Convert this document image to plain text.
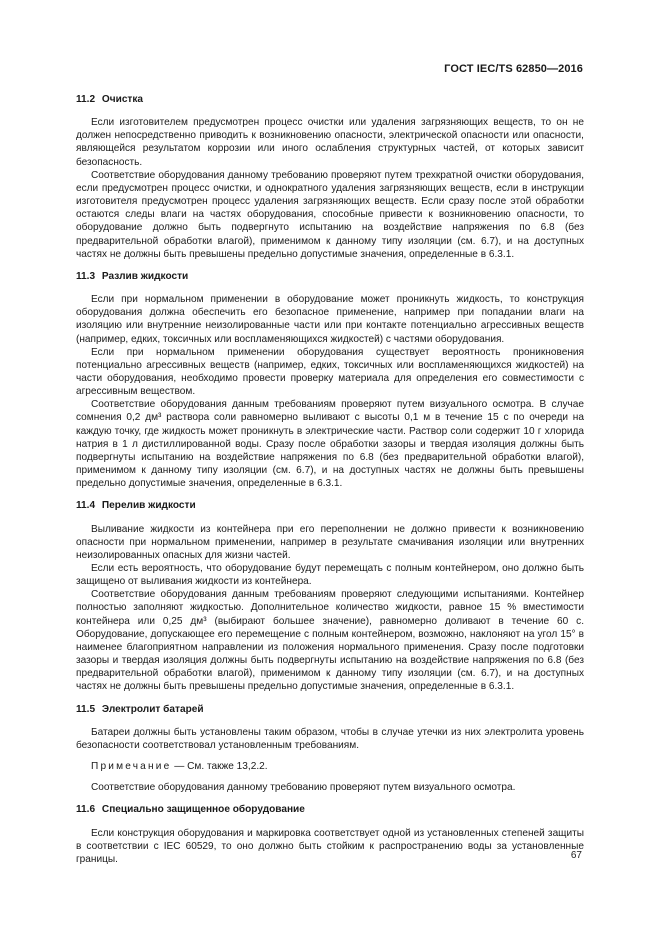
ГОСТ IEC/TS 62850—2016
11.2 Очистка

Если изготовителем предусмотрен процесс очистки или удаления загрязняющих веществ, то он не должен непосредственно приводить к возникновению опасности, электрической опасности или опасности, являющейся результатом коррозии или иного ослабления структурных частей, от которых зависит безопасность.

Соответствие оборудования данному требованию проверяют путем трехкратной очистки оборудования, если предусмотрен процесс очистки, и однократного удаления загрязняющих веществ, если в инструкции изготовителя предусмотрен процесс удаления загрязняющих веществ. Если сразу после этой обработки остаются следы влаги на частях оборудования, способные привести к возникновению опасности, то оборудование должно быть подвергнуто испытанию на воздействие напряжения по 6.8 (без предварительной обработки влагой), применимом к данному типу изоляции (см. 6.7), и на доступных частях не должны быть превышены предельно допустимые значения, определенные в 6.3.1.

11.3 Разлив жидкости

Если при нормальном применении в оборудование может проникнуть жидкость, то конструкция оборудования должна обеспечить его безопасное применение, например при попадании влаги на изоляцию или внутренние неизолированные части или при контакте потенциально агрессивных веществ (например, едких, токсичных или воспламеняющихся жидкостей) с частями оборудования.

Если при нормальном применении оборудования существует вероятность проникновения потенциально агрессивных веществ (например, едких, токсичных или воспламеняющихся жидкостей) на части оборудования, необходимо провести проверку материала для определения его совместимости с агрессивным веществом.

Соответствие оборудования данным требованиям проверяют путем визуального осмотра. В случае сомнения 0,2 дм³ раствора соли равномерно выливают с высоты 0,1 м в течение 15 с по очереди на каждую точку, где жидкость может проникнуть в электрические части. Раствор соли содержит 10 г хлорида натрия в 1 л дистиллированной воды. Сразу после обработки зазоры и твердая изоляция должны быть подвергнуты испытанию на воздействие напряжения по 6.8 (без предварительной обработки влагой), применимом к данному типу изоляции (см. 6.7), и на доступных частях не должны быть превышены предельно допустимые значения, определенные в 6.3.1.

11.4 Перелив жидкости

Выливание жидкости из контейнера при его переполнении не должно привести к возникновению опасности при нормальном применении, например в результате смачивания изоляции или внутренних неизолированных опасных для жизни частей.

Если есть вероятность, что оборудование будут перемещать с полным контейнером, оно должно быть защищено от выливания жидкости из контейнера.

Соответствие оборудования данным требованиям проверяют следующими испытаниями. Контейнер полностью заполняют жидкостью. Дополнительное количество жидкости, равное 15 % вместимости контейнера или 0,25 дм³ (выбирают большее значение), равномерно доливают в течение 60 с. Оборудование, допускающее его перемещение с полным контейнером, возможно, наклоняют на угол 15° в наименее благоприятном направлении из положения нормального применения. Сразу после подготовки зазоры и твердая изоляция должны быть подвергнуты испытанию на воздействие напряжения по 6.8 (без предварительной обработки влагой), применимом к данному типу изоляции (см. 6.7), и на доступных частях не должны быть превышены предельно допустимые значения, определенные в 6.3.1.

11.5 Электролит батарей

Батареи должны быть установлены таким образом, чтобы в случае утечки из них электролита уровень безопасности соответствовал установленным требованиям.

Примечание — См. также 13,2.2.

Соответствие оборудования данному требованию проверяют путем визуального осмотра.

11.6 Специально защищенное оборудование

Если конструкция оборудования и маркировка соответствует одной из установленных степеней защиты в соответствии с IEC 60529, то оно должно быть стойким к распространению воды за установленные границы.	67
